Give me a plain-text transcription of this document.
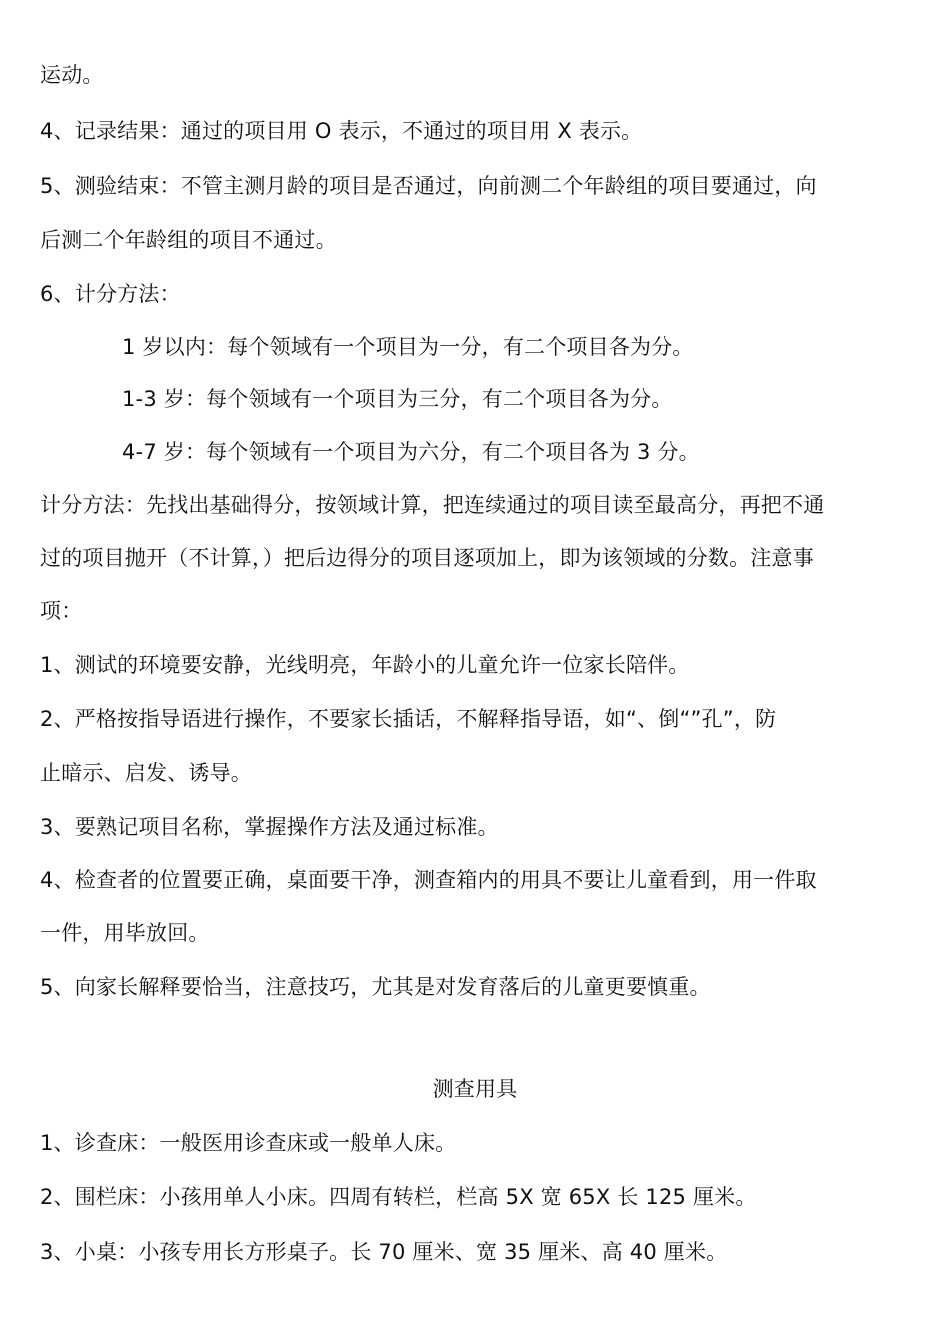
运动。
4、记录结果：通过的项目用 O 表示，不通过的项目用 X 表示。
5、测验结束：不管主测月龄的项目是否通过，向前测二个年龄组的项目要通过，向
后测二个年龄组的项目不通过。
6、计分方法：
1 岁以内：每个领域有一个项目为一分，有二个项目各为分。
1-3 岁：每个领域有一个项目为三分，有二个项目各为分。
4-7 岁：每个领域有一个项目为六分，有二个项目各为 3 分。
计分方法：先找出基础得分，按领域计算，把连续通过的项目读至最高分，再把不通
过的项目抛开（不计算，）把后边得分的项目逐项加上，即为该领域的分数。注意事
项：
1、测试的环境要安静，光线明亮，年龄小的儿童允许一位家长陪伴。
2、严格按指导语进行操作，不要家长插话，不解释指导语，如“、倒“”孔”，防
止暗示、启发、诱导。
3、要熟记项目名称，掌握操作方法及通过标准。
4、检查者的位置要正确，桌面要干净，测查箱内的用具不要让儿童看到，用一件取
一件，用毕放回。
5、向家长解释要恰当，注意技巧，尤其是对发育落后的儿童更要慎重。
测查用具
1、诊查床：一般医用诊查床或一般单人床。
2、围栏床：小孩用单人小床。四周有转栏，栏高 5X 宽 65X 长 125 厘米。
3、小桌：小孩专用长方形桌子。长 70 厘米、宽 35 厘米、高 40 厘米。
